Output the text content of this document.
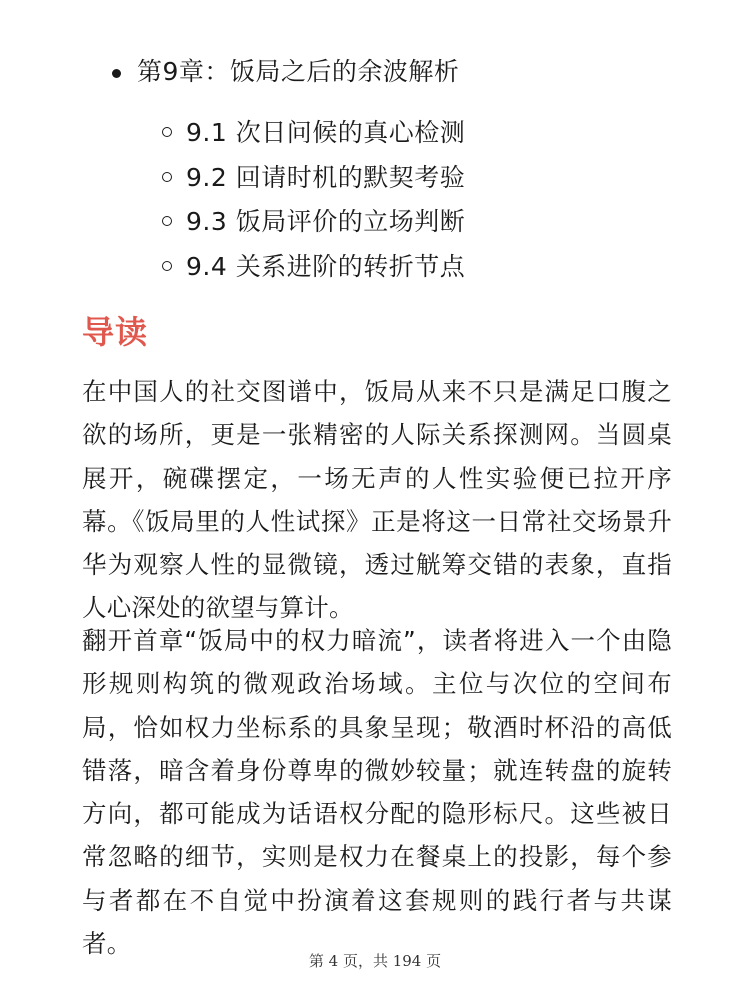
第9章：饭局之后的余波解析
9.1 次日问候的真心检测
9.2 回请时机的默契考验
9.3 饭局评价的立场判断
9.4 关系进阶的转折节点
导读

在中国人的社交图谱中，饭局从来不只是满足口腹之欲的场所，更是一张精密的人际关系探测网。当圆桌展开，碗碟摆定，一场无声的人性实验便已拉开序幕。《饭局里的人性试探》正是将这一日常社交场景升华为观察人性的显微镜，透过觥筹交错的表象，直指人心深处的欲望与算计。

翻开首章“饭局中的权力暗流”，读者将进入一个由隐形规则构筑的微观政治场域。主位与次位的空间布局，恰如权力坐标系的具象呈现；敬酒时杯沿的高低错落，暗含着身份尊卑的微妙较量；就连转盘的旋转方向，都可能成为话语权分配的隐形标尺。这些被日常忽略的细节，实则是权力在餐桌上的投影，每个参与者都在不自觉中扮演着这套规则的践行者与共谋者。

第 4 页，共 194 页
